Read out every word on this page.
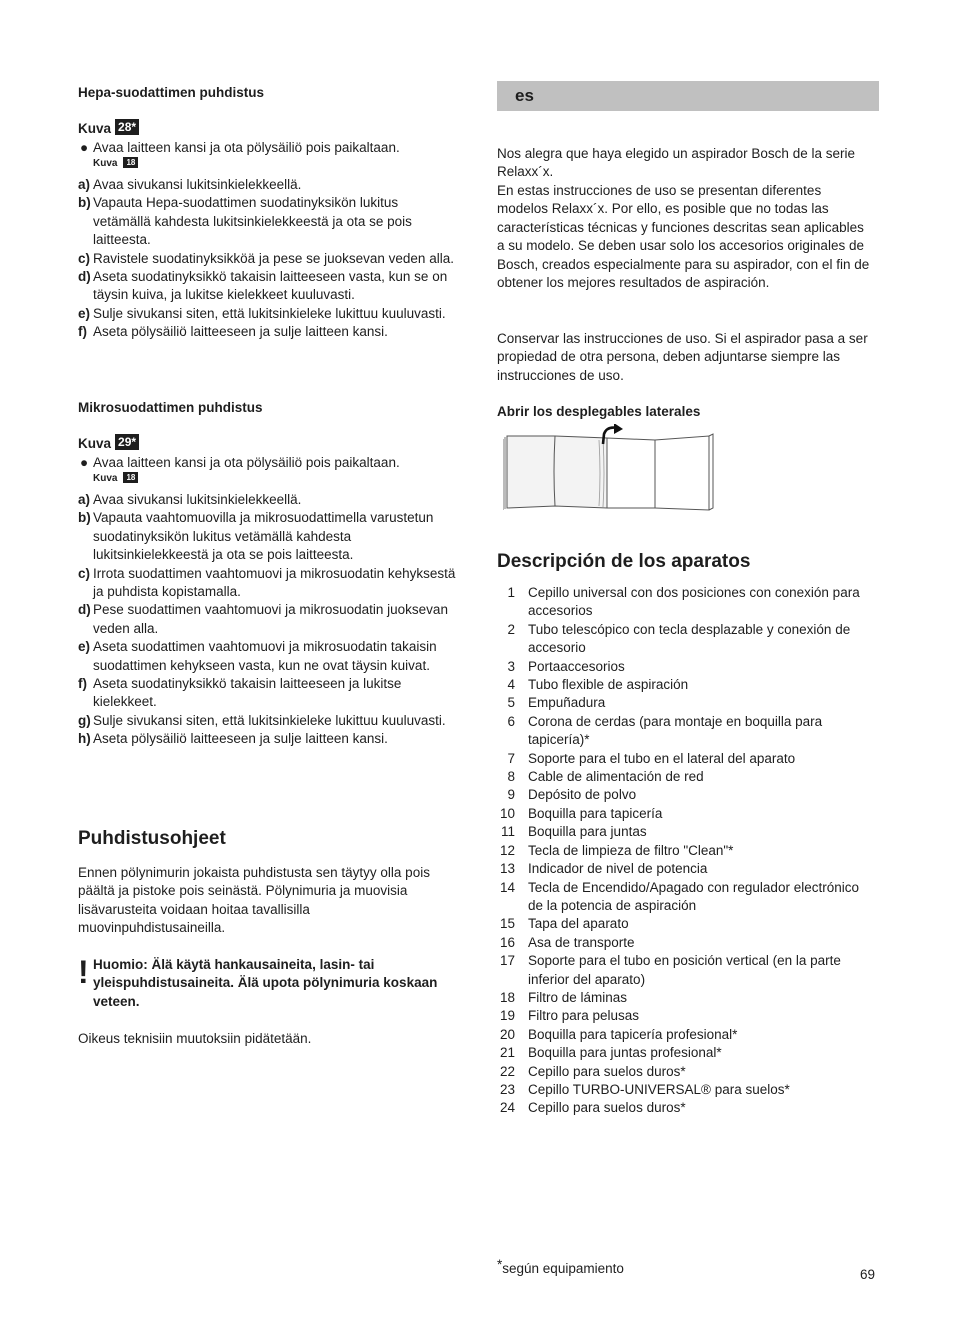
Hepa-suodattimen puhdistus
Kuva 28*
● Avaa laitteen kansi ja ota pölysäiliö pois paikaltaan.
Kuva 18
a) Avaa sivukansi lukitsinkielekkeellä.
b) Vapauta Hepa-suodattimen suodatinyksikön lukitus vetämällä kahdesta lukitsinkielekkeestä ja ota se pois laitteesta.
c) Ravistele suodatinyksikköä ja pese se juoksevan veden alla.
d) Aseta suodatinyksikkö takaisin laitteeseen vasta, kun se on täysin kuiva, ja lukitse kielekkeet kuuluvasti.
e) Sulje sivukansi siten, että lukitsinkieleke lukittuu kuuluvasti.
f) Aseta pölysäiliö laitteeseen ja sulje laitteen kansi.
Mikrosuodattimen puhdistus
Kuva 29*
● Avaa laitteen kansi ja ota pölysäiliö pois paikaltaan.
Kuva 18
a) Avaa sivukansi lukitsinkielekkeellä.
b) Vapauta vaahtomuovilla ja mikrosuodattimella varustetun suodatinyksikön lukitus vetämällä kahdesta lukitsinkielekkeestä ja ota se pois laitteesta.
c) Irrota suodattimen vaahtomuovi ja mikrosuodatin kehyksestä ja puhdista kopistamalla.
d) Pese suodattimen vaahtomuovi ja mikrosuodatin juoksevan veden alla.
e) Aseta suodattimen vaahtomuovi ja mikrosuodatin takaisin suodattimen kehykseen vasta, kun ne ovat täysin kuivat.
f) Aseta suodatinyksikkö takaisin laitteeseen ja lukitse kielekkeet.
g) Sulje sivukansi siten, että lukitsinkieleke lukittuu kuuluvasti.
h) Aseta pölysäiliö laitteeseen ja sulje laitteen kansi.
Puhdistusohjeet
Ennen pölynimurin jokaista puhdistusta sen täytyy olla pois päältä ja pistoke pois seinästä. Pölynimuria ja muovisia lisävarusteita voidaan hoitaa tavallisilla muovinpuhdistusaineilla.
! Huomio: Älä käytä hankausaineita, lasin- tai yleispuhdistusaineita. Älä upota pölynimuria koskaan veteen.
Oikeus teknisiin muutoksiin pidätetään.
es
Nos alegra que haya elegido un aspirador Bosch de la serie Relaxx´x.
En estas instrucciones de uso se presentan diferentes modelos Relaxx´x. Por ello, es posible que no todas las características técnicas y funciones descritas sean aplicables a su modelo. Se deben usar solo los accesorios originales de Bosch, creados especialmente para su aspirador, con el fin de obtener los mejores resultados de aspiración.
Conservar las instrucciones de uso. Si el aspirador pasa a ser propiedad de otra persona, deben adjuntarse siempre las instrucciones de uso.
Abrir los desplegables laterales
Descripción de los aparatos
1 Cepillo universal con dos posiciones con conexión para accesorios
2 Tubo telescópico con tecla desplazable y conexión de accesorio
3 Portaaccesorios
4 Tubo flexible de aspiración
5 Empuñadura
6 Corona de cerdas (para montaje en boquilla para tapicería)*
7 Soporte para el tubo en el lateral del aparato
8 Cable de alimentación de red
9 Depósito de polvo
10 Boquilla para tapicería
11 Boquilla para juntas
12 Tecla de limpieza de filtro "Clean"*
13 Indicador de nivel de potencia
14 Tecla de Encendido/Apagado con regulador electrónico de la potencia de aspiración
15 Tapa del aparato
16 Asa de transporte
17 Soporte para el tubo en posición vertical (en la parte inferior del aparato)
18 Filtro de láminas
19 Filtro para pelusas
20 Boquilla para tapicería profesional*
21 Boquilla para juntas profesional*
22 Cepillo para suelos duros*
23 Cepillo TURBO-UNIVERSAL® para suelos*
24 Cepillo para suelos duros*
*según equipamiento	69
